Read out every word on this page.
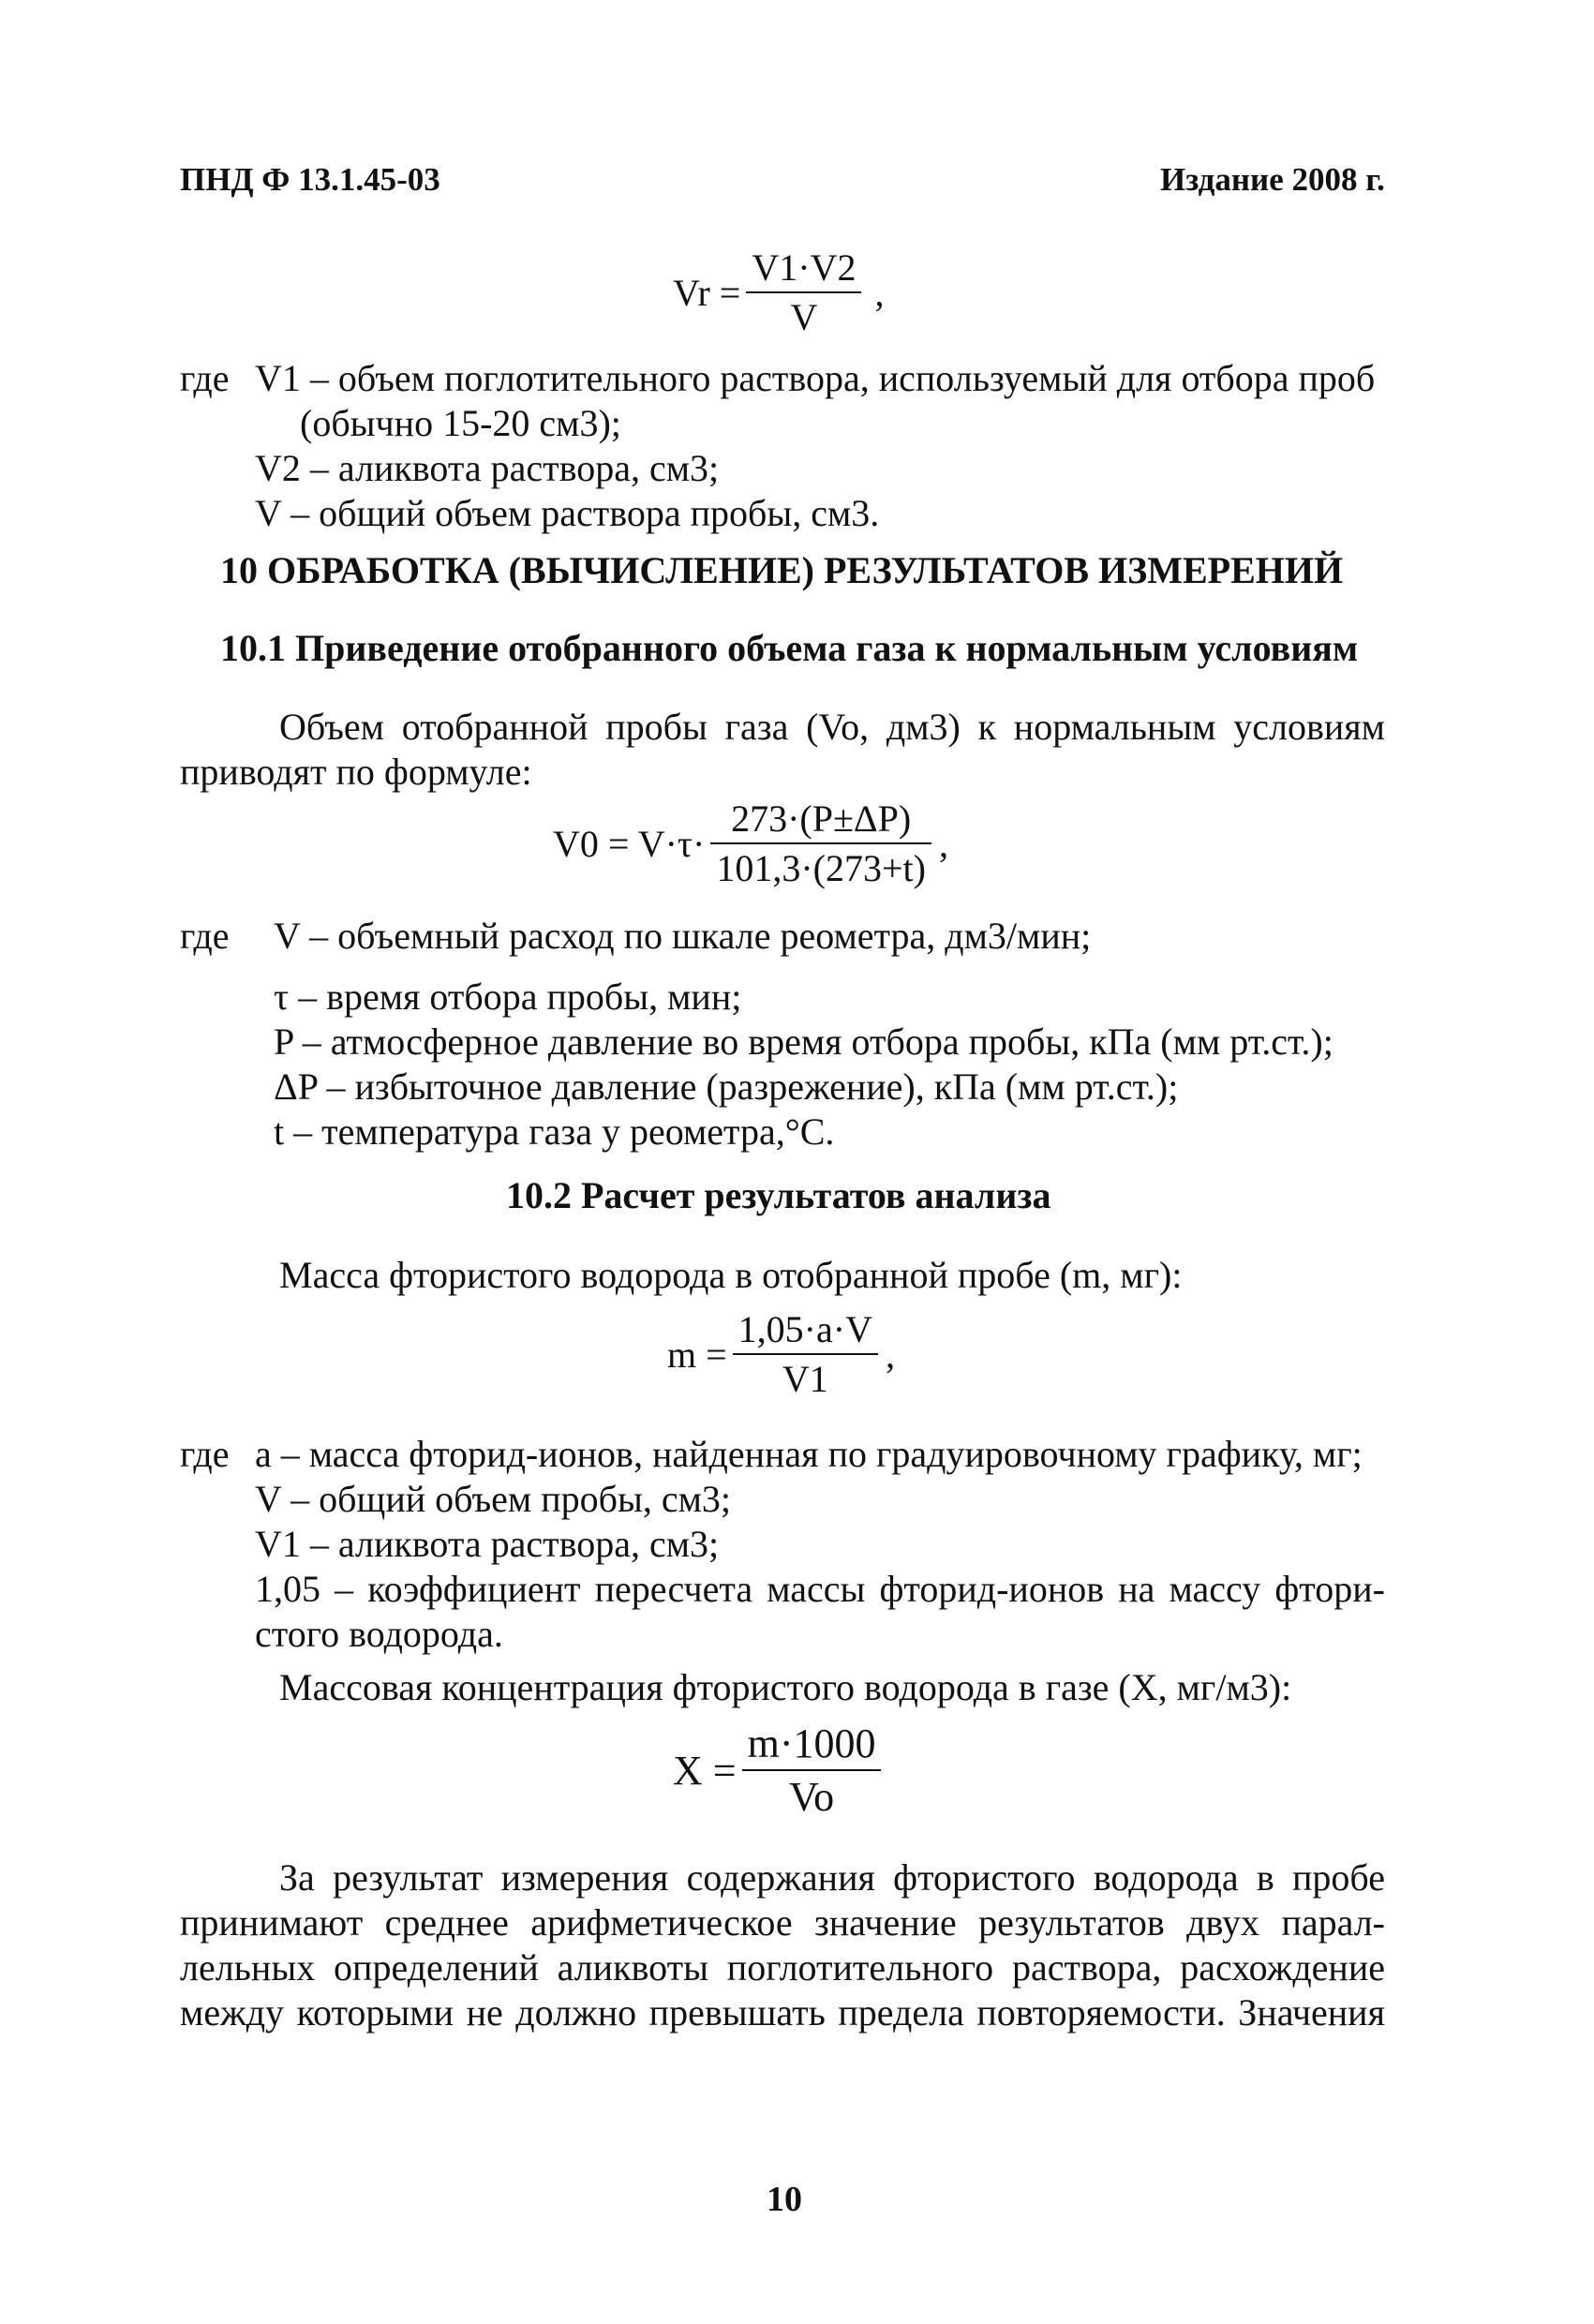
ПНД Ф 13.1.45-03	Издание 2008 г.
$Vr = \frac{V1\cdot V2}{V}$ ,
где V1 – объем поглотительного раствора, используемый для отбора проб
(обычно 15-20 см3);
V2 – аликвота раствора, см3;
V – общий объем раствора пробы, см3.
10 ОБРАБОТКА (ВЫЧИСЛЕНИЕ) РЕЗУЛЬТАТОВ ИЗМЕРЕНИЙ
10.1 Приведение отобранного объема газа к нормальным условиям
Объем отобранной пробы газа (Vo, дм3) к нормальным условиям
приводят по формуле:
$V0 = V\cdot\tau\cdot \frac{273\cdot(P\pm\Delta P)}{101,3\cdot(273+t)}$ ,
где V – объемный расход по шкале реометра, дм3/мин;
τ – время отбора пробы, мин;
P – атмосферное давление во время отбора пробы, кПа (мм рт.ст.);
ΔP – избыточное давление (разрежение), кПа (мм рт.ст.);
t – температура газа у реометра,°С.
10.2 Расчет результатов анализа
Масса фтористого водорода в отобранной пробе (m, мг):
$m = \frac{1,05\cdot a\cdot V}{V1}$ ,
где a – масса фторид-ионов, найденная по градуировочному графику, мг;
V – общий объем пробы, см3;
V1 – аликвота раствора, см3;
1,05 – коэффициент пересчета массы фторид-ионов на массу фтори-
стого водорода.
Массовая концентрация фтористого водорода в газе (X, мг/м3):
$X = \frac{m\cdot 1000}{Vo}$
За результат измерения содержания фтористого водорода в пробе
принимают среднее арифметическое значение результатов двух парал-
лельных определений аликвоты поглотительного раствора, расхождение
между которыми не должно превышать предела повторяемости. Значения
10
